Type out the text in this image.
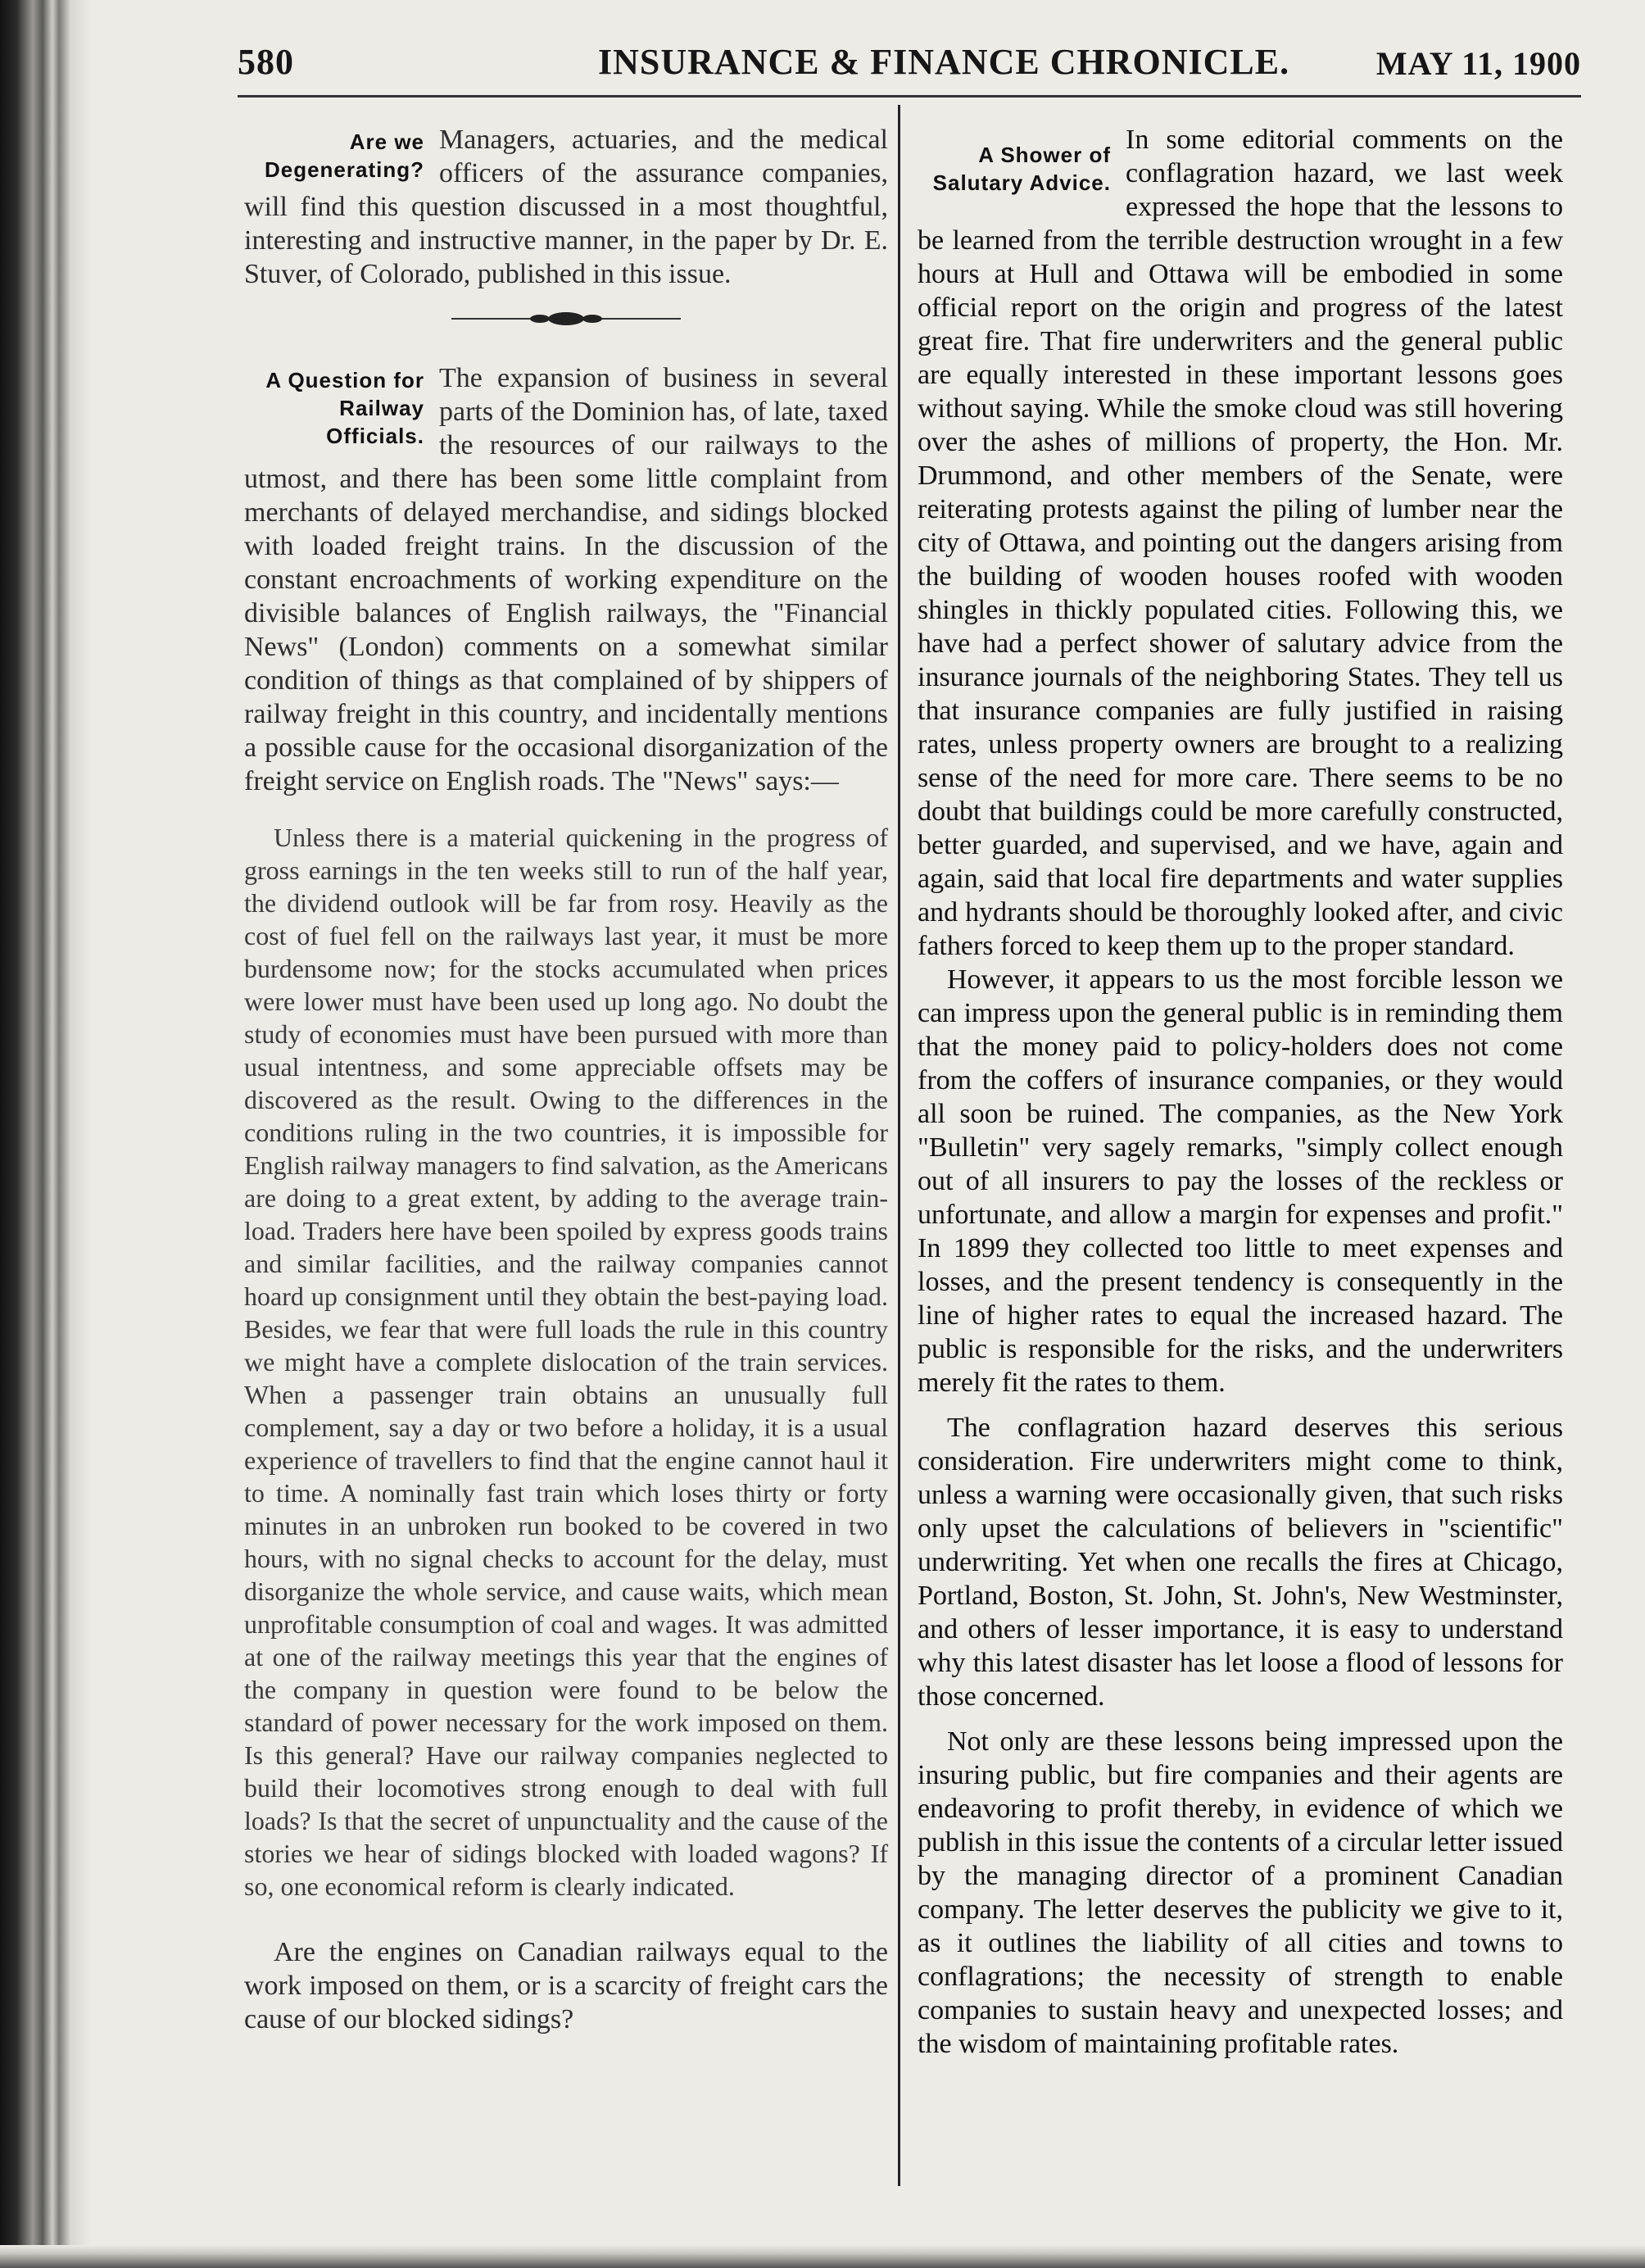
580	INSURANCE & FINANCE CHRONICLE.	MAY 11, 1900
Are we
Degenerating?

Managers, actuaries, and the medical officers of the assurance companies, will find this question discussed in a most thoughtful, interesting and instructive manner, in the paper by Dr. E. Stuver, of Colorado, published in this issue.

A Question for
Railway Officials.

The expansion of business in several parts of the Dominion has, of late, taxed the resources of our railways to the utmost, and there has been some little complaint from merchants of delayed merchandise, and sidings blocked with loaded freight trains. In the discussion of the constant encroachments of working expenditure on the divisible balances of English railways, the "Financial News" (London) comments on a somewhat similar condition of things as that complained of by shippers of railway freight in this country, and incidentally mentions a possible cause for the occasional disorganization of the freight service on English roads. The "News" says:—

Unless there is a material quickening in the progress of gross earnings in the ten weeks still to run of the half year, the dividend outlook will be far from rosy. Heavily as the cost of fuel fell on the railways last year, it must be more burdensome now; for the stocks accumulated when prices were lower must have been used up long ago. No doubt the study of economies must have been pursued with more than usual intentness, and some appreciable offsets may be discovered as the result. Owing to the differences in the conditions ruling in the two countries, it is impossible for English railway managers to find salvation, as the Americans are doing to a great extent, by adding to the average train-load. Traders here have been spoiled by express goods trains and similar facilities, and the railway companies cannot hoard up consignment until they obtain the best-paying load. Besides, we fear that were full loads the rule in this country we might have a complete dislocation of the train services. When a passenger train obtains an unusually full complement, say a day or two before a holiday, it is a usual experience of travellers to find that the engine cannot haul it to time. A nominally fast train which loses thirty or forty minutes in an unbroken run booked to be covered in two hours, with no signal checks to account for the delay, must disorganize the whole service, and cause waits, which mean unprofitable consumption of coal and wages. It was admitted at one of the railway meetings this year that the engines of the company in question were found to be below the standard of power necessary for the work imposed on them. Is this general? Have our railway companies neglected to build their locomotives strong enough to deal with full loads? Is that the secret of unpunctuality and the cause of the stories we hear of sidings blocked with loaded wagons? If so, one economical reform is clearly indicated.

Are the engines on Canadian railways equal to the work imposed on them, or is a scarcity of freight cars the cause of our blocked sidings?

A Shower of
Salutary Advice.

In some editorial comments on the conflagration hazard, we last week expressed the hope that the lessons to be learned from the terrible destruction wrought in a few hours at Hull and Ottawa will be embodied in some official report on the origin and progress of the latest great fire. That fire underwriters and the general public are equally interested in these important lessons goes without saying. While the smoke cloud was still hovering over the ashes of millions of property, the Hon. Mr. Drummond, and other members of the Senate, were reiterating protests against the piling of lumber near the city of Ottawa, and pointing out the dangers arising from the building of wooden houses roofed with wooden shingles in thickly populated cities. Following this, we have had a perfect shower of salutary advice from the insurance journals of the neighboring States. They tell us that insurance companies are fully justified in raising rates, unless property owners are brought to a realizing sense of the need for more care. There seems to be no doubt that buildings could be more carefully constructed, better guarded, and supervised, and we have, again and again, said that local fire departments and water supplies and hydrants should be thoroughly looked after, and civic fathers forced to keep them up to the proper standard.

However, it appears to us the most forcible lesson we can impress upon the general public is in reminding them that the money paid to policy-holders does not come from the coffers of insurance companies, or they would all soon be ruined. The companies, as the New York "Bulletin" very sagely remarks, "simply collect enough out of all insurers to pay the losses of the reckless or unfortunate, and allow a margin for expenses and profit." In 1899 they collected too little to meet expenses and losses, and the present tendency is consequently in the line of higher rates to equal the increased hazard. The public is responsible for the risks, and the underwriters merely fit the rates to them.

The conflagration hazard deserves this serious consideration. Fire underwriters might come to think, unless a warning were occasionally given, that such risks only upset the calculations of believers in "scientific" underwriting. Yet when one recalls the fires at Chicago, Portland, Boston, St. John, St. John's, New Westminster, and others of lesser importance, it is easy to understand why this latest disaster has let loose a flood of lessons for those concerned.

Not only are these lessons being impressed upon the insuring public, but fire companies and their agents are endeavoring to profit thereby, in evidence of which we publish in this issue the contents of a circular letter issued by the managing director of a prominent Canadian company. The letter deserves the publicity we give to it, as it outlines the liability of all cities and towns to conflagrations; the necessity of strength to enable companies to sustain heavy and unexpected losses; and the wisdom of maintaining profitable rates.
